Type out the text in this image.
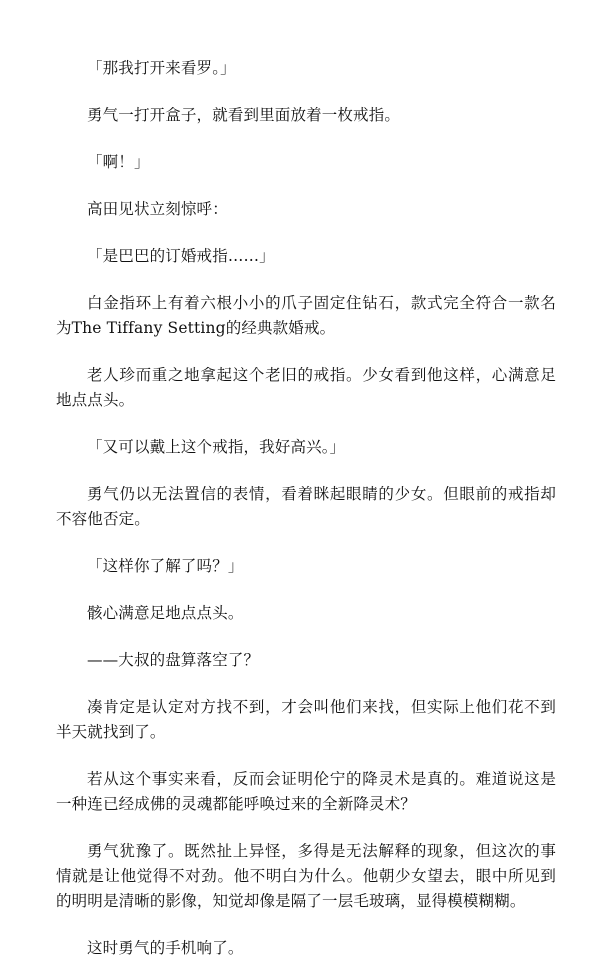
「那我打开来看罗。」

勇气一打开盒子，就看到里面放着一枚戒指。

「啊！」

高田见状立刻惊呼：

「是巴巴的订婚戒指……」

白金指环上有着六根小小的爪子固定住钻石，款式完全符合一款名为The Tiffany Setting的经典款婚戒。

老人珍而重之地拿起这个老旧的戒指。少女看到他这样，心满意足地点点头。

「又可以戴上这个戒指，我好高兴。」

勇气仍以无法置信的表情，看着眯起眼睛的少女。但眼前的戒指却不容他否定。

「这样你了解了吗？」

骸心满意足地点点头。

——大叔的盘算落空了？

凑肯定是认定对方找不到，才会叫他们来找，但实际上他们花不到半天就找到了。

若从这个事实来看，反而会证明伦宁的降灵术是真的。难道说这是一种连已经成佛的灵魂都能呼唤过来的全新降灵术？

勇气犹豫了。既然扯上异怪，多得是无法解释的现象，但这次的事情就是让他觉得不对劲。他不明白为什么。他朝少女望去，眼中所见到的明明是清晰的影像，知觉却像是隔了一层毛玻璃，显得模模糊糊。

这时勇气的手机响了。
